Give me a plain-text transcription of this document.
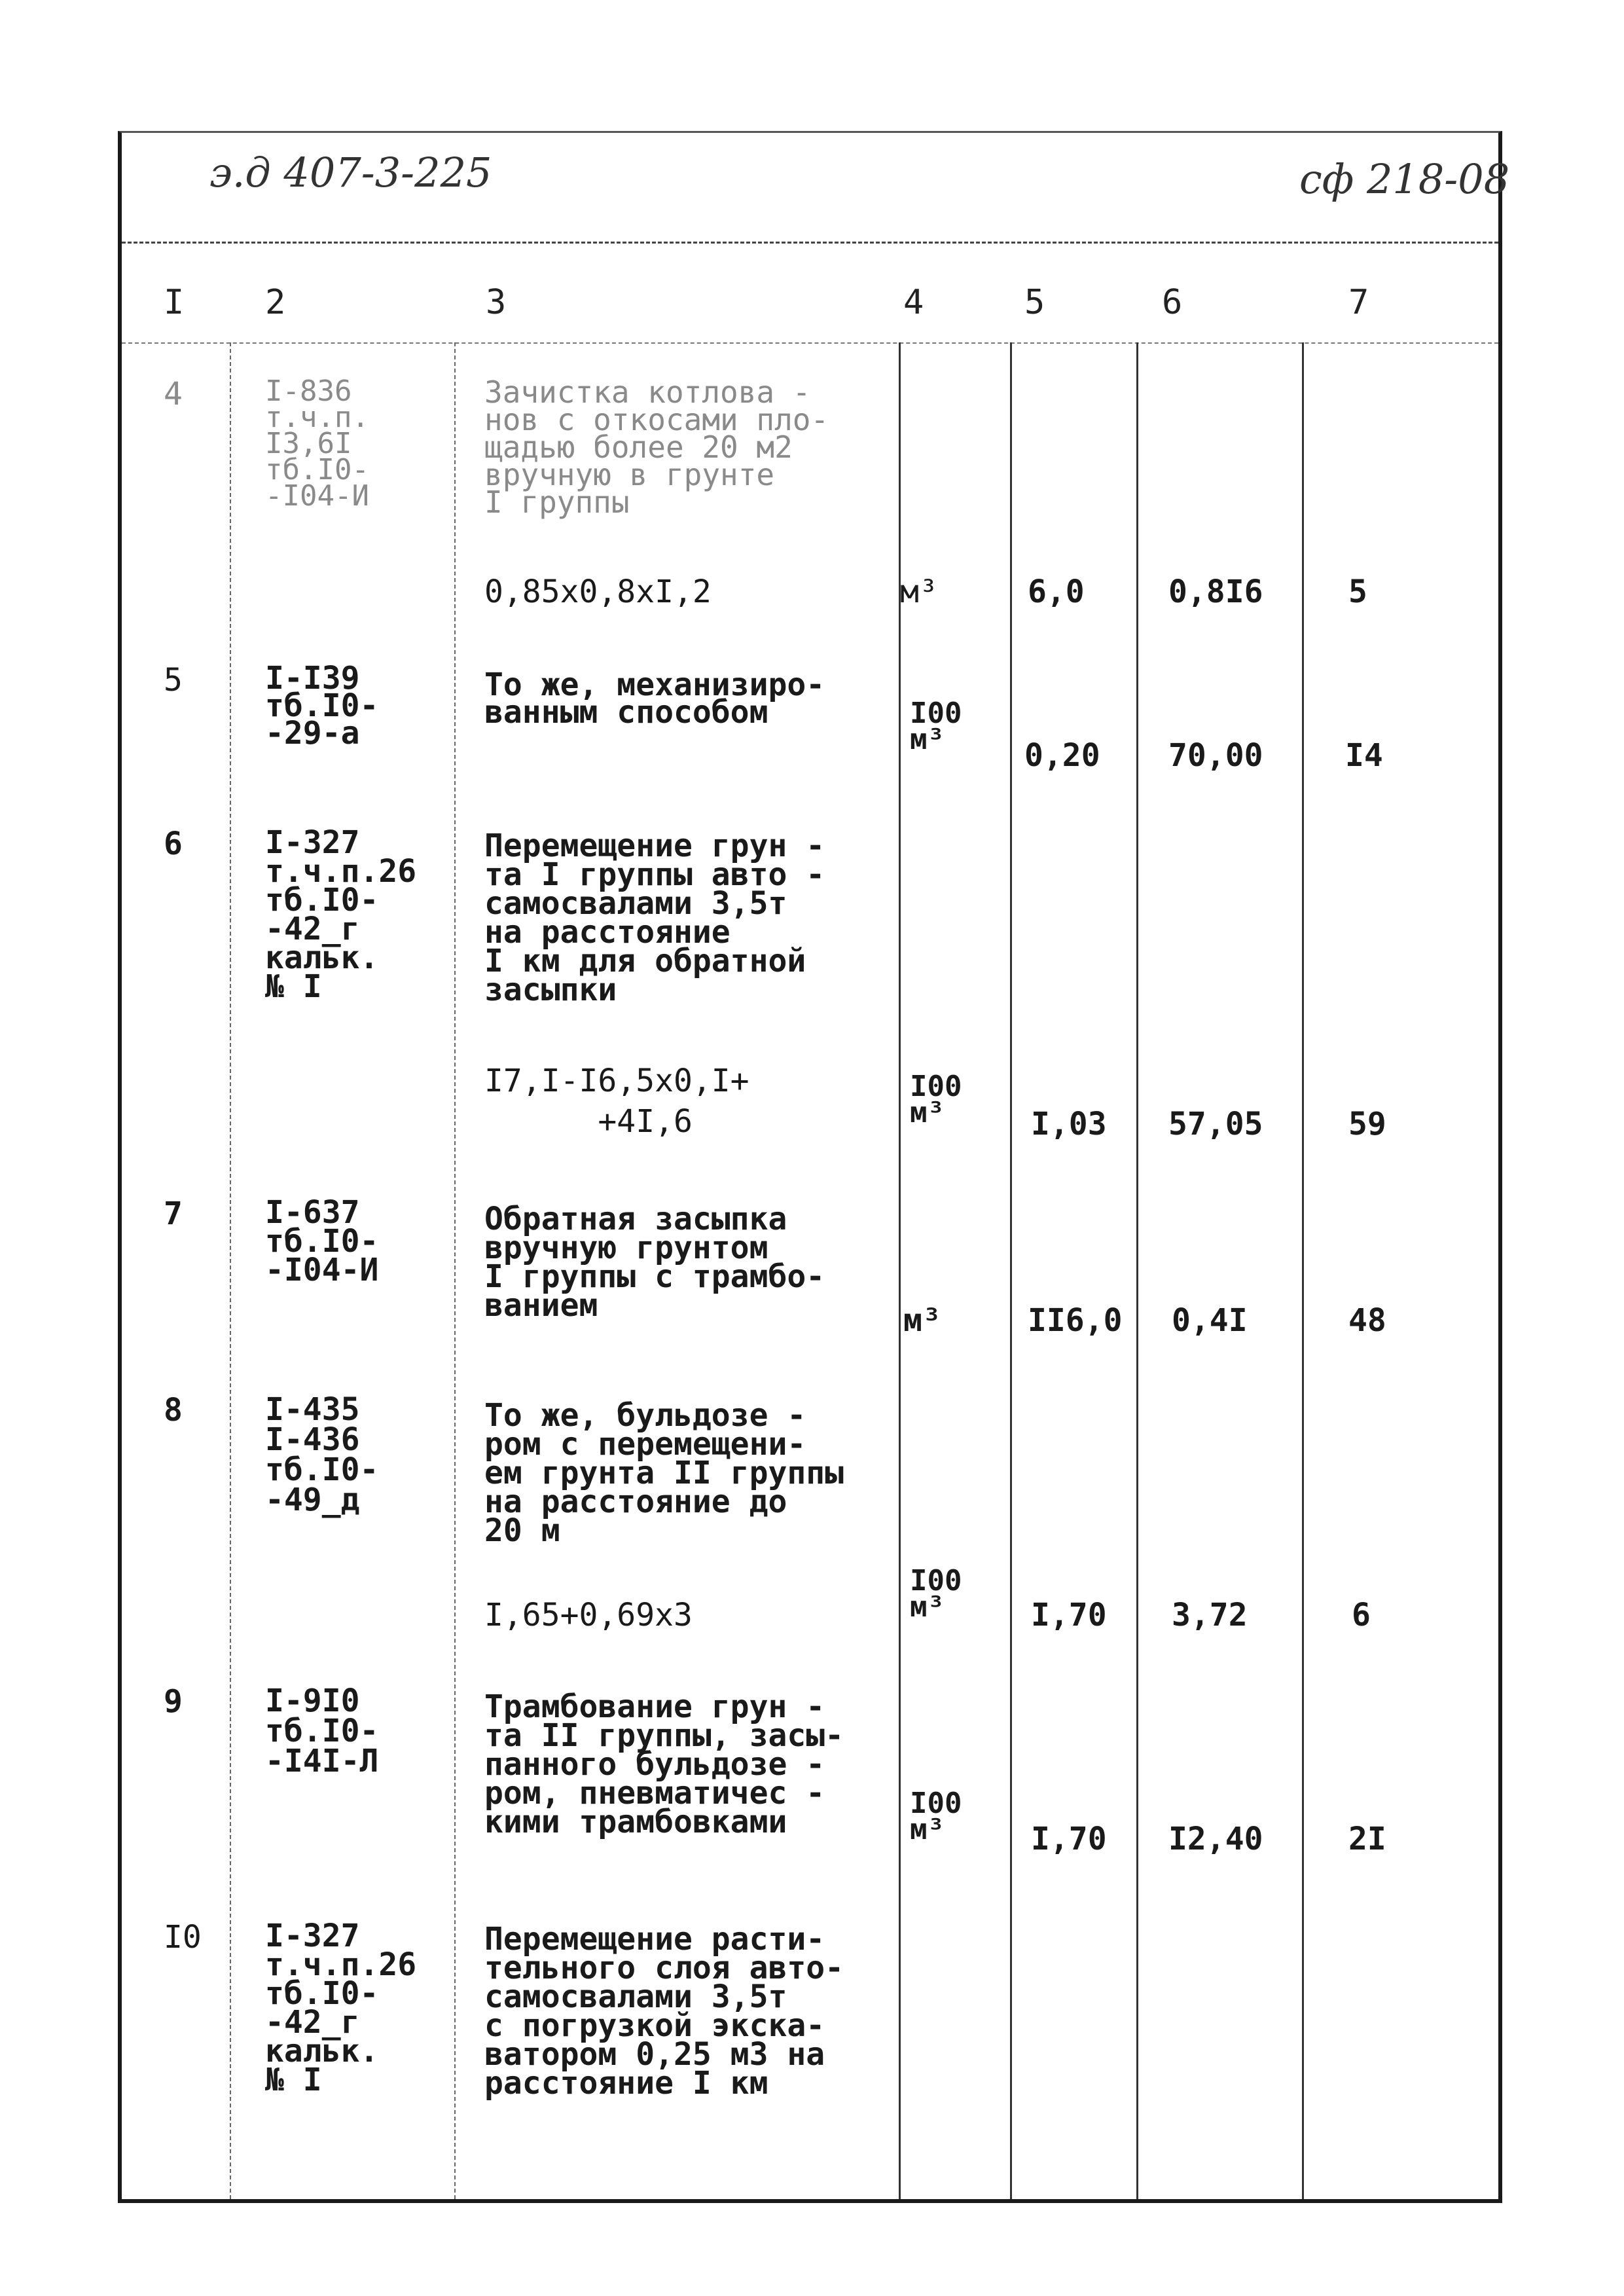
э.д 407-3-225	сф 218-08
I 2	3	4	5	6	7
4	I-836
т.ч.п.
I3,6I
тб.I0-
-I04-И
Зачистка котлова -
нов с откосами пло-
щадью более 20 м2
вручную в грунте
I группы
0,85х0,8хI,2	м³	6,0	0,8I6	5
5	I-I39
тб.I0-
-29-а
То же, механизиро-
ванным способом	I00
м³	0,20 70,00	I4
6	I-327
т.ч.п.26
тб.I0-
-42_г
кальк.
№ I
Перемещение грун -
та I группы авто -
самосвалами 3,5т
на расстояние
I км для обратной
засыпки
I7,I-I6,5х0,I+
+4I,6
I00
м³	I,03 57,05	59
7	I-637
тб.I0-
-I04-И
Обратная засыпка
вручную грунтом
I группы с трамбо-
ванием	м³	II6,0 0,4I	48
8	I-435
I-436
тб.I0-
-49_д
То же, бульдозе -
ром с перемещени-
ем грунта II группы
на расстояние до
20 м
I,65+0,69х3
I00
м³	I,70 3,72	6
9	I-9I0
тб.I0-
-I4I-Л
Трамбование грун -
та II группы, засы-
панного бульдозе -
ром, пневматичес -
кими трамбовками
I00
м³	I,70 I2,40	2I
I0 I-327
т.ч.п.26
тб.I0-
-42_г
кальк.
№ I
Перемещение расти-
тельного слоя авто-
самосвалами 3,5т
с погрузкой экска-
ватором 0,25 м3 на
расстояние I км
